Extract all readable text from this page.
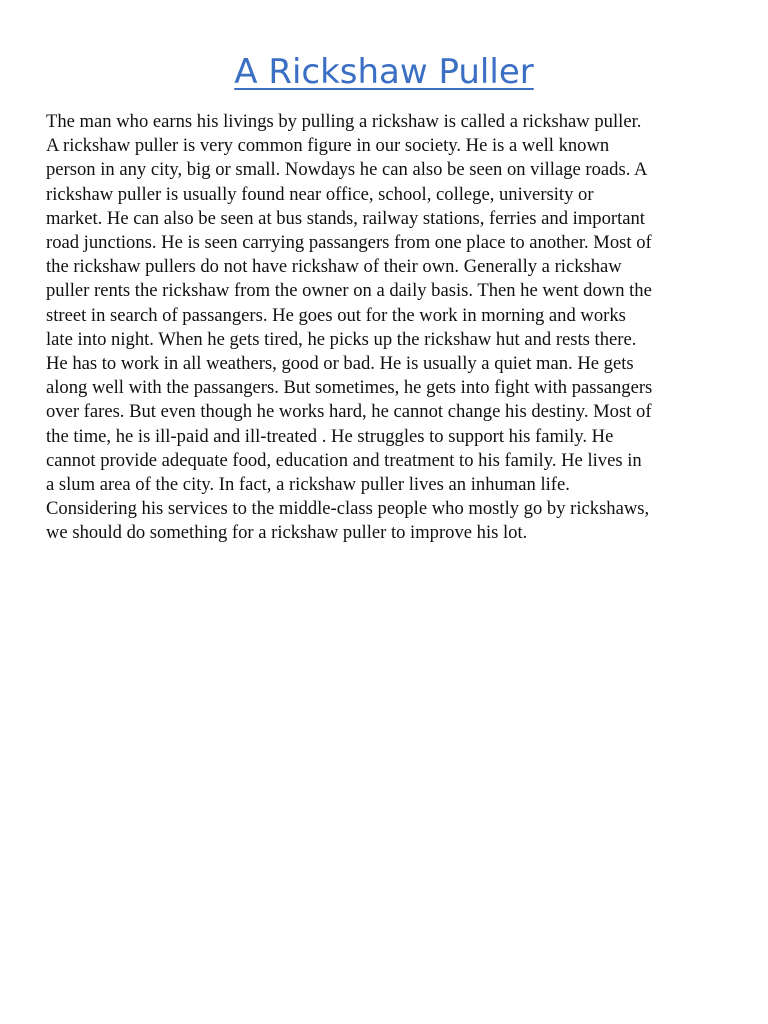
A Rickshaw Puller

The man who earns his livings by pulling a rickshaw is called a rickshaw puller.
A rickshaw puller is very common figure in our society. He is a well known
person in any city, big or small. Nowdays he can also be seen on village roads. A
rickshaw puller is usually found near office, school, college, university or
market. He can also be seen at bus stands, railway stations, ferries and important
road junctions. He is seen carrying passangers from one place to another. Most of
the rickshaw pullers do not have rickshaw of their own. Generally a rickshaw
puller rents the rickshaw from the owner on a daily basis. Then he went down the
street in search of passangers. He goes out for the work in morning and works
late into night. When he gets tired, he picks up the rickshaw hut and rests there.
He has to work in all weathers, good or bad. He is usually a quiet man. He gets
along well with the passangers. But sometimes, he gets into fight with passangers
over fares. But even though he works hard, he cannot change his destiny. Most of
the time, he is ill-paid and ill-treated . He struggles to support his family. He
cannot provide adequate food, education and treatment to his family. He lives in
a slum area of the city. In fact, a rickshaw puller lives an inhuman life.
Considering his services to the middle-class people who mostly go by rickshaws,
we should do something for a rickshaw puller to improve his lot.
